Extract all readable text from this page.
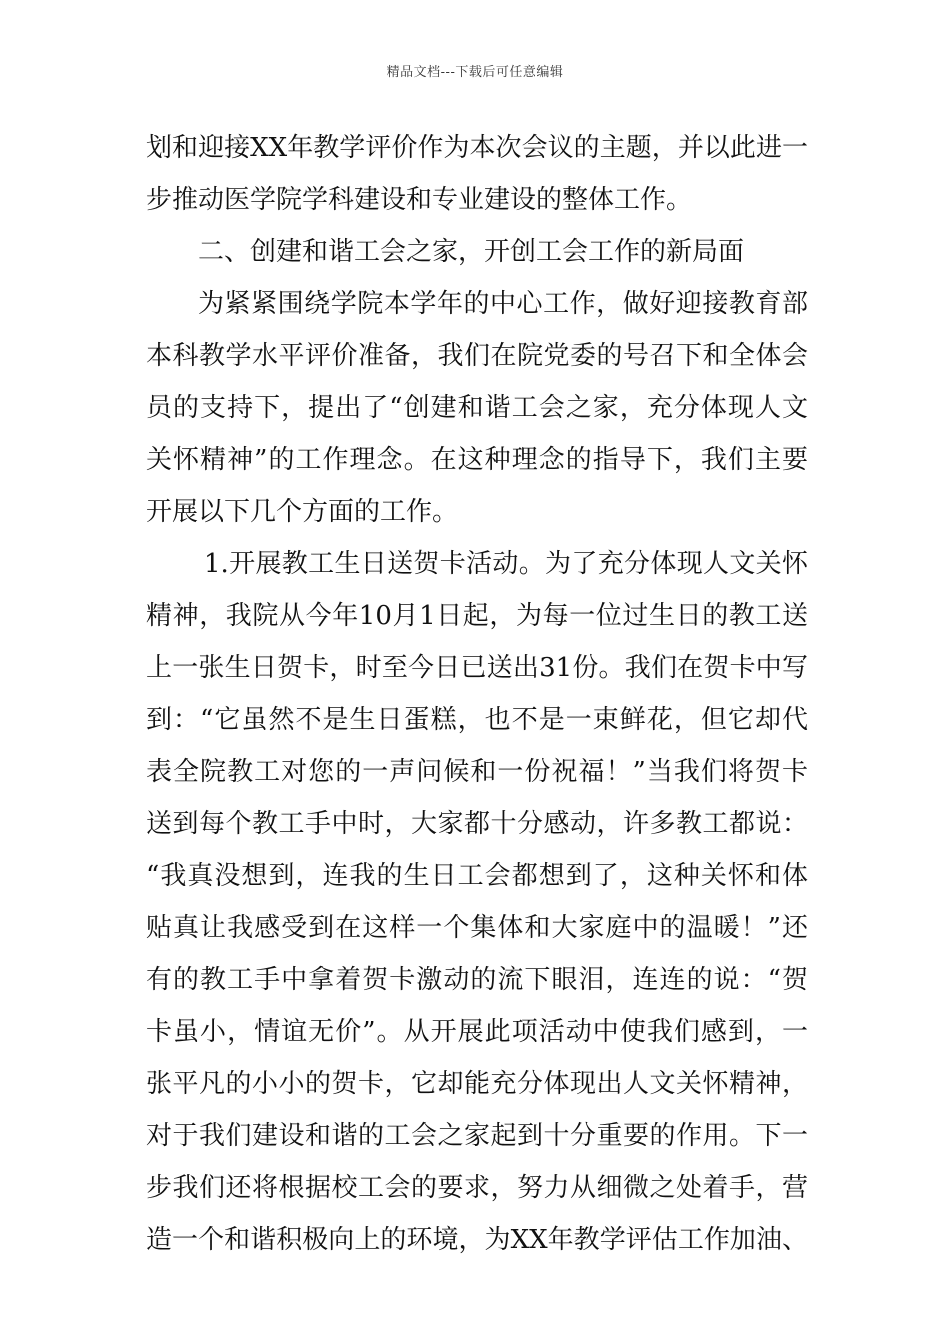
精品文档---下载后可任意编辑
划和迎接XX年教学评价作为本次会议的主题，并以此进一
步推动医学院学科建设和专业建设的整体工作。
二、创建和谐工会之家，开创工会工作的新局面
为紧紧围绕学院本学年的中心工作，做好迎接教育部
本科教学水平评价准备，我们在院党委的号召下和全体会
员的支持下，提出了“创建和谐工会之家，充分体现人文
关怀精神”的工作理念。在这种理念的指导下，我们主要
开展以下几个方面的工作。
1.开展教工生日送贺卡活动。为了充分体现人文关怀
精神，我院从今年10月1日起，为每一位过生日的教工送
上一张生日贺卡，时至今日已送出31份。我们在贺卡中写
到：“它虽然不是生日蛋糕，也不是一束鲜花，但它却代
表全院教工对您的一声问候和一份祝福！”当我们将贺卡
送到每个教工手中时，大家都十分感动，许多教工都说：
“我真没想到，连我的生日工会都想到了，这种关怀和体
贴真让我感受到在这样一个集体和大家庭中的温暖！”还
有的教工手中拿着贺卡激动的流下眼泪，连连的说：“贺
卡虽小，情谊无价”。从开展此项活动中使我们感到，一
张平凡的小小的贺卡，它却能充分体现出人文关怀精神，
对于我们建设和谐的工会之家起到十分重要的作用。下一
步我们还将根据校工会的要求，努力从细微之处着手，营
造一个和谐积极向上的环境，为XX年教学评估工作加油、
